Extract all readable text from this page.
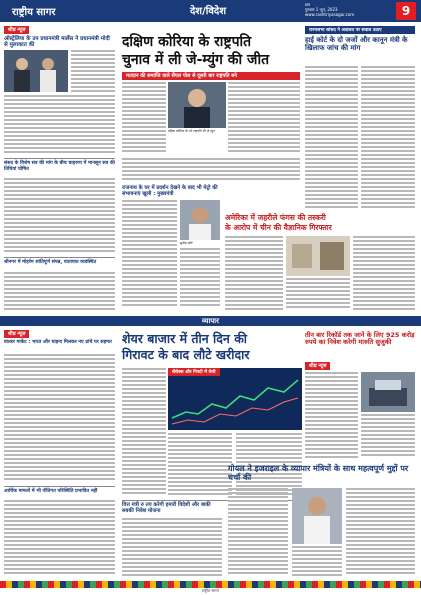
राष्ट्रीय सागर	देश/विदेश
छत्र
गुरुवार 1 जून, 2023
www.rashtriyasagar.com	9
शीघ्र न्यूज
ऑस्ट्रेलिया के उप प्रधानमंत्री मार्लेस ने प्रधानमंत्री मोदी से मुलाकात की
संसद के विशेष सत्र की मांग के बीच चाहरणा में मानसून सत्र की तिथियां घोषित
श्रीनगर में मोहर्रम शांतिपूर्ण संपन्न, यातायात व्यवस्थित
दक्षिण कोरिया के राष्ट्रपति
चुनाव में ली जे-म्युंग की जीत
मतदान की समाप्ति वाले सैंपल पोल से दूसरी बार राष्ट्रपति बने
दक्षिण कोरिया के नये राष्ट्रपति ली जे-म्युंग
राजनाथ के घर में प्रदर्शन देखने के बाद भी मेट्रो की संभावनाएं खुली : मुख्यमंत्री
सुप्रीम कोर्ट
अमेरिका में जहरीले फंगस की तस्करी
के आरोप में चीन की वैज्ञानिक गिरफ्तार
राज्यसभा सांसद ने अदालत पर सवाल उठाए
हाई कोर्ट के दो जजों और कानून मंत्री के खिलाफ जांच की मांग
व्यापार
शीघ्र न्यूज
वाल्डर मार्केट : भारत और चाइना मिलकर नए ढांचे पर सहमत
आर्थिक मामलों में भी नीतिगत परिस्थिति प्रभावित नहीं
शेयर बाजार में तीन दिन की
गिरावट के बाद लौटे खरीदार
सेंसेक्स और निफ्टी में तेजी
वित्त मंत्री रु तय करेगी हमारी विदेशी और बाकी सबकी निवेश योजना
तीन बार रिकॉर्ड तक जाने के लिए 925 करोड़ रुपये का निवेश करेगी मारुति सुजुकी
शीघ्र न्यूज
गोयल ने इजराइल के व्यापार मंत्रियों के साथ महत्वपूर्ण मुद्दों पर चर्चा की
राष्ट्रीय सागर
